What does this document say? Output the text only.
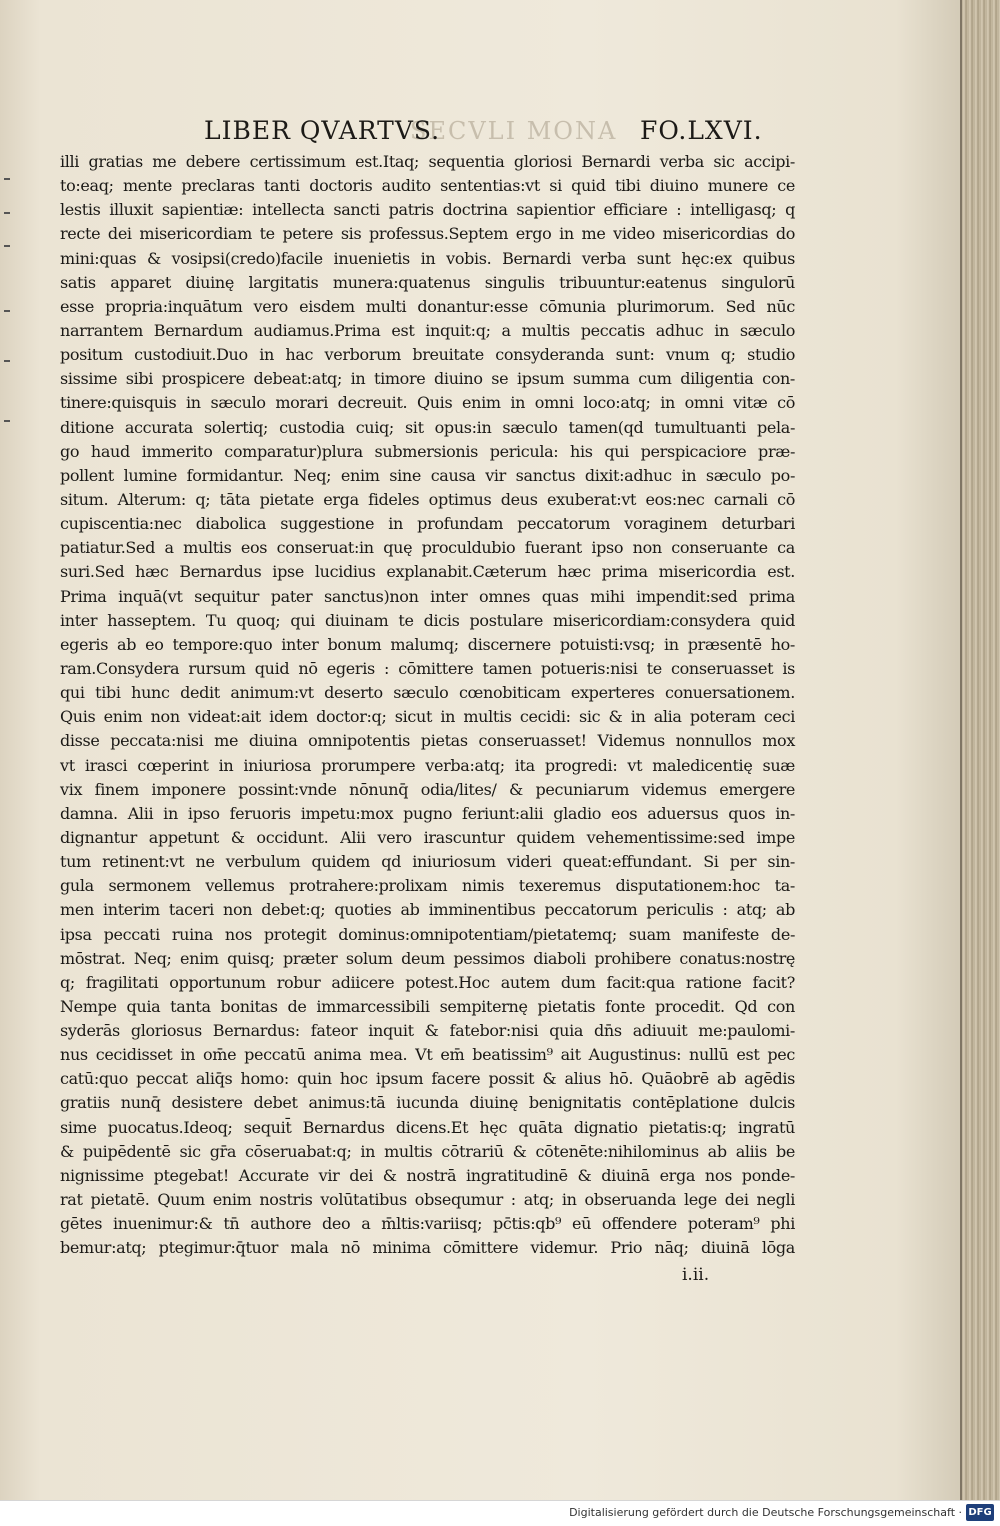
SECVLI MONA
LIBER QVARTVS.	FO.LXVI.
illi gratias me debere certissimum est.Itaq; sequentia gloriosi Bernardi verba sic accipi-
to:eaq; mente preclaras tanti doctoris audito sententias:vt si quid tibi diuino munere ce
lestis illuxit sapientiæ: intellecta sancti patris doctrina sapientior efficiare : intelligasq; q
recte dei misericordiam te petere sis professus.Septem ergo in me video misericordias do
mini:quas & vosipsi(credo)facile inuenietis in vobis. Bernardi verba sunt hęc:ex quibus
satis apparet diuinę largitatis munera:quatenus singulis tribuuntur:eatenus singulorū
esse propria:inquātum vero eisdem multi donantur:esse cōmunia plurimorum. Sed nūc
narrantem Bernardum audiamus.Prima est inquit:q; a multis peccatis adhuc in sæculo
positum custodiuit.Duo in hac verborum breuitate consyderanda sunt: vnum q; studio
sissime sibi prospicere debeat:atq; in timore diuino se ipsum summa cum diligentia con-
tinere:quisquis in sæculo morari decreuit. Quis enim in omni loco:atq; in omni vitæ cō
ditione accurata solertiq; custodia cuiq; sit opus:in sæculo tamen(qd tumultuanti pela-
go haud immerito comparatur)plura submersionis pericula: his qui perspicaciore præ-
pollent lumine formidantur. Neq; enim sine causa vir sanctus dixit:adhuc in sæculo po-
situm. Alterum: q; tāta pietate erga fideles optimus deus exuberat:vt eos:nec carnali cō
cupiscentia:nec diabolica suggestione in profundam peccatorum voraginem deturbari
patiatur.Sed a multis eos conseruat:in quę proculdubio fuerant ipso non conseruante ca
suri.Sed hæc Bernardus ipse lucidius explanabit.Cæterum hæc prima misericordia est.
Prima inquā(vt sequitur pater sanctus)non inter omnes quas mihi impendit:sed prima
inter hasseptem. Tu quoq; qui diuinam te dicis postulare misericordiam:consydera quid
egeris ab eo tempore:quo inter bonum malumq; discernere potuisti:vsq; in præsentē ho-
ram.Consydera rursum quid nō egeris : cōmittere tamen potueris:nisi te conseruasset is
qui tibi hunc dedit animum:vt deserto sæculo cœnobiticam experteres conuersationem.
Quis enim non videat:ait idem doctor:q; sicut in multis cecidi: sic & in alia poteram ceci
disse peccata:nisi me diuina omnipotentis pietas conseruasset! Videmus nonnullos mox
vt irasci cœperint in iniuriosa prorumpere verba:atq; ita progredi: vt maledicentię suæ
vix finem imponere possint:vnde nōnunq̄ odia/lites/ & pecuniarum videmus emergere
damna. Alii in ipso feruoris impetu:mox pugno feriunt:alii gladio eos aduersus quos in-
dignantur appetunt & occidunt. Alii vero irascuntur quidem vehementissime:sed impe
tum retinent:vt ne verbulum quidem qd iniuriosum videri queat:effundant. Si per sin-
gula sermonem vellemus protrahere:prolixam nimis texeremus disputationem:hoc ta-
men interim taceri non debet:q; quoties ab imminentibus peccatorum periculis : atq; ab
ipsa peccati ruina nos protegit dominus:omnipotentiam/pietatemq; suam manifeste de-
mōstrat. Neq; enim quisq; præter solum deum pessimos diaboli prohibere conatus:nostrę
q; fragilitati opportunum robur adiicere potest.Hoc autem dum facit:qua ratione facit?
Nempe quia tanta bonitas de immarcessibili sempiternę pietatis fonte procedit. Qd con
syderās gloriosus Bernardus: fateor inquit & fatebor:nisi quia dn̄s adiuuit me:paulomi-
nus cecidisset in om̄e peccatū anima mea. Vt em̄ beatissim⁹ ait Augustinus: nullū est pec
catū:quo peccat aliq̄s homo: quin hoc ipsum facere possit & alius hō. Quāobrē ab agēdis
gratiis nunq̄ desistere debet animus:tā iucunda diuinę benignitatis contēplatione dulcis
sime puocatus.Ideoq; sequit̄ Bernardus dicens.Et hęc quāta dignatio pietatis:q; ingratū
& puipēdentē sic gr̄a cōseruabat:q; in multis cōtrariū & cōtenēte:nihilominus ab aliis be
nignissime ptegebat! Accurate vir dei & nostrā ingratitudinē & diuinā erga nos ponde-
rat pietatē. Quum enim nostris volūtatibus obsequmur : atq; in obseruanda lege dei negli
gētes inuenimur:& tn̄ authore deo a m̄ltis:variisq; pc̄tis:qb⁹ eū offendere poteram⁹ phi
bemur:atq; ptegimur:q̄tuor mala nō minima cōmittere videmur. Prio nāq; diuinā lōga
i.ii.
Digitalisierung gefördert durch die Deutsche Forschungsgemeinschaft · DFG
